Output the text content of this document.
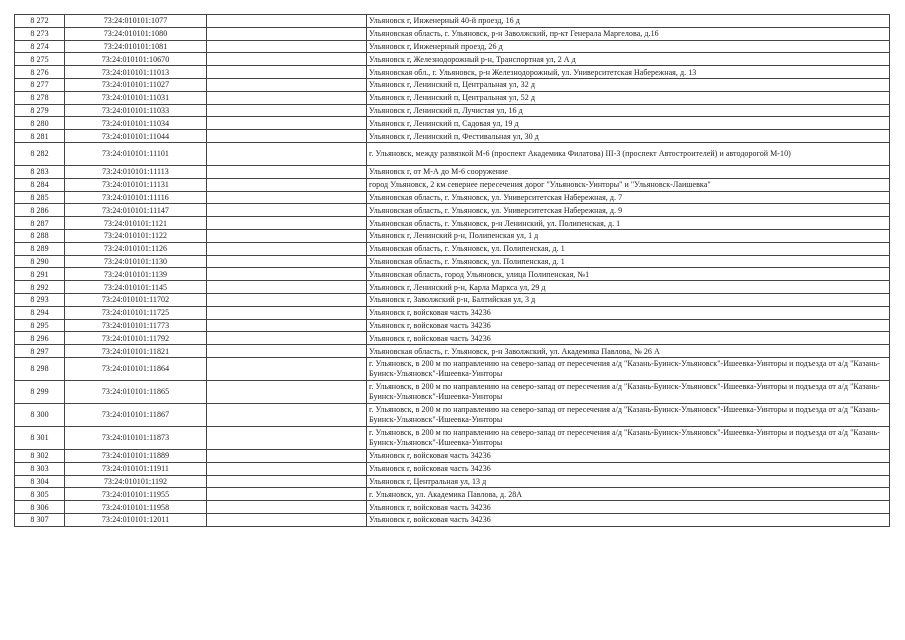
8 272	73:24:010101:1077		Ульяновск г, Инженерный 40-й проезд, 16 д
8 273	73:24:010101:1080		Ульяновская область, г. Ульяновск, р-н Заволжский, пр-кт Генерала Маргелова, д.16
8 274	73:24:010101:1081		Ульяновск г, Инженерный проезд, 26 д
8 275	73:24:010101:10670		Ульяновск г, Железнодорожный р-н, Транспортная ул, 2 А д
8 276	73:24:010101:11013		Ульяновская обл., г. Ульяновск, р-н Железнодорожный, ул. Университетская Набережная, д. 13
8 277	73:24:010101:11027		Ульяновск г, Ленинский п, Центральная ул, 32 д
8 278	73:24:010101:11031		Ульяновск г, Ленинский п, Центральная ул, 52 д
8 279	73:24:010101:11033		Ульяновск г, Ленинский п, Лучистая ул, 16 д
8 280	73:24:010101:11034		Ульяновск г, Ленинский п, Садовая ул, 19 д
8 281	73:24:010101:11044		Ульяновск г, Ленинский п, Фестивальная ул, 30 д
8 282	73:24:010101:11101		г. Ульяновск, между развязкой М-6 (проспект Академика Филатова) III-3 (проспект Автостроителей) и автодорогой М-10)
8 283	73:24:010101:11113		Ульяновск г, от М-А до М-6 сооружение
8 284	73:24:010101:11131		город Ульяновск, 2 км севернее пересечения дорог "Ульяновск-Уинторы" и "Ульяновск-Лаишевка"
8 285	73:24:010101:11116		Ульяновская область, г. Ульяновск, ул. Университетская Набережная, д. 7
8 286	73:24:010101:11147		Ульяновская область, г. Ульяновск, ул. Университетская Набережная, д. 9
8 287	73:24:010101:1121		Ульяновская область, г. Ульяновск, р-н Ленинский, ул. Полипенская, д. 1
8 288	73:24:010101:1122		Ульяновск г, Ленинский р-н, Полипенская ул, 1 д
8 289	73:24:010101:1126		Ульяновская область, г. Ульяновск, ул. Полипенская, д. 1
8 290	73:24:010101:1130		Ульяновская область, г. Ульяновск, ул. Полипенская, д. 1
8 291	73:24:010101:1139		Ульяновская область, город Ульяновск, улица Полипенская, №1
8 292	73:24:010101:1145		Ульяновск г, Ленинский р-н, Карла Маркса ул, 29 д
8 293	73:24:010101:11702		Ульяновск г, Заволжский р-н, Балтийская ул, 3 д
8 294	73:24:010101:11725		Ульяновск г, войсковая часть 34236
8 295	73:24:010101:11773		Ульяновск г, войсковая часть 34236
8 296	73:24:010101:11792		Ульяновск г, войсковая часть 34236
8 297	73:24:010101:11821		Ульяновская область, г. Ульяновск, р-н Заволжский, ул. Академика Павлова, № 26 А
8 298	73:24:010101:11864		г. Ульяновск, в 200 м по направлению на северо-запад от пересечения а/д "Казань-Буинск-Ульяновск"-Ишеевка-Уинторы и подъезда от а/д "Казань-Буинск-Ульяновск"-Ишеевка-Уинторы
8 299	73:24:010101:11865		г. Ульяновск, в 200 м по направлению на северо-запад от пересечения а/д "Казань-Буинск-Ульяновск"-Ишеевка-Уинторы и подъезда от а/д "Казань-Буинск-Ульяновск"-Ишеевка-Уинторы
8 300	73:24:010101:11867		г. Ульяновск, в 200 м по направлению на северо-запад от пересечения а/д "Казань-Буинск-Ульяновск"-Ишеевка-Уинторы и подъезда от а/д "Казань-Буинск-Ульяновск"-Ишеевка-Уинторы
8 301	73:24:010101:11873		г. Ульяновск, в 200 м по направлению на северо-запад от пересечения а/д "Казань-Буинск-Ульяновск"-Ишеевка-Уинторы и подъезда от а/д "Казань-Буинск-Ульяновск"-Ишеевка-Уинторы
8 302	73:24:010101:11889		Ульяновск г, войсковая часть 34236
8 303	73:24:010101:11911		Ульяновск г, войсковая часть 34236
8 304	73:24:010101:1192		Ульяновск г, Центральная ул, 13 д
8 305	73:24:010101:11955		г. Ульяновск, ул. Академика Павлова, д. 28А
8 306	73:24:010101:11958		Ульяновск г, войсковая часть 34236
8 307	73:24:010101:12011		Ульяновск г, войсковая часть 34236
